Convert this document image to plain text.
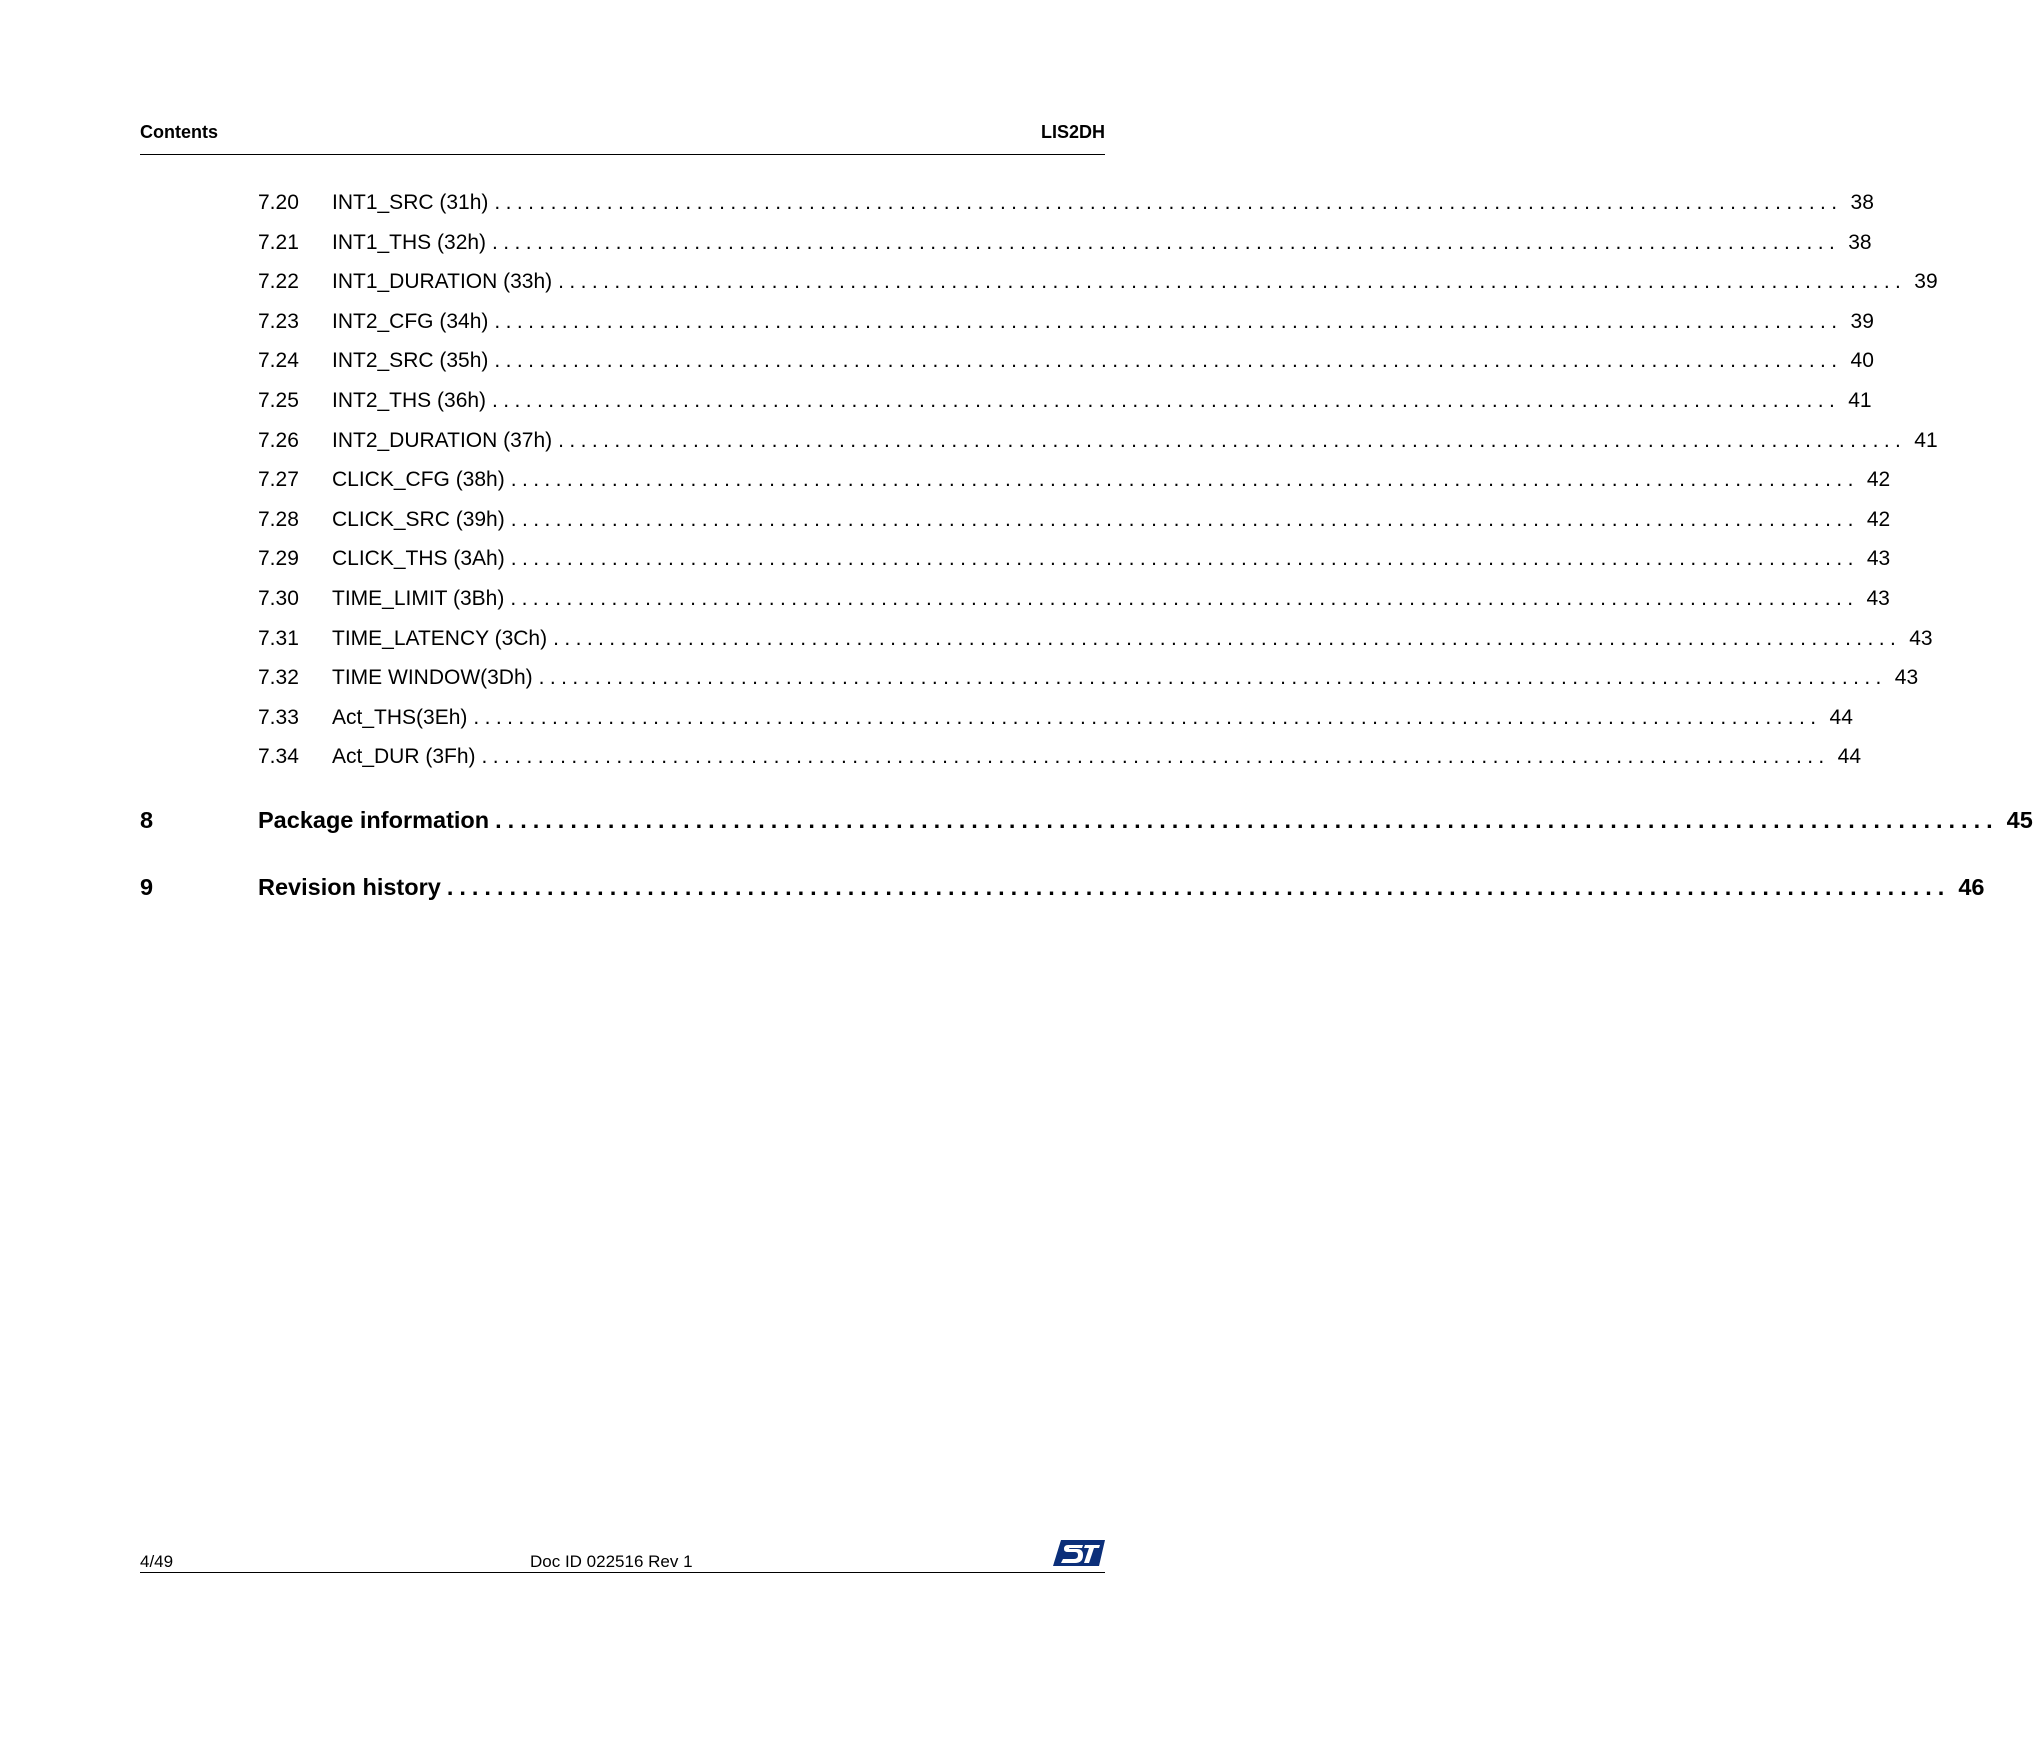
Contents	LIS2DH
7.20 INT1_SRC (31h) ........................................................................................................................ 38
7.21 INT1_THS (32h) ........................................................................................................................ 38
7.22 INT1_DURATION (33h) ........................................................................................................................ 39
7.23 INT2_CFG (34h) ........................................................................................................................ 39
7.24 INT2_SRC (35h) ........................................................................................................................ 40
7.25 INT2_THS (36h) ........................................................................................................................ 41
7.26 INT2_DURATION (37h) ........................................................................................................................ 41
7.27 CLICK_CFG (38h) ........................................................................................................................ 42
7.28 CLICK_SRC (39h) ........................................................................................................................ 42
7.29 CLICK_THS (3Ah) ........................................................................................................................ 43
7.30 TIME_LIMIT (3Bh) ........................................................................................................................ 43
7.31 TIME_LATENCY (3Ch) ........................................................................................................................ 43
7.32 TIME WINDOW(3Dh) ........................................................................................................................ 43
7.33 Act_THS(3Eh) ........................................................................................................................ 44
7.34 Act_DUR (3Fh) ........................................................................................................................ 44
8	Package information ........................................................................................................................ 45
9	Revision history ........................................................................................................................ 46
4/49	Doc ID 022516 Rev 1
